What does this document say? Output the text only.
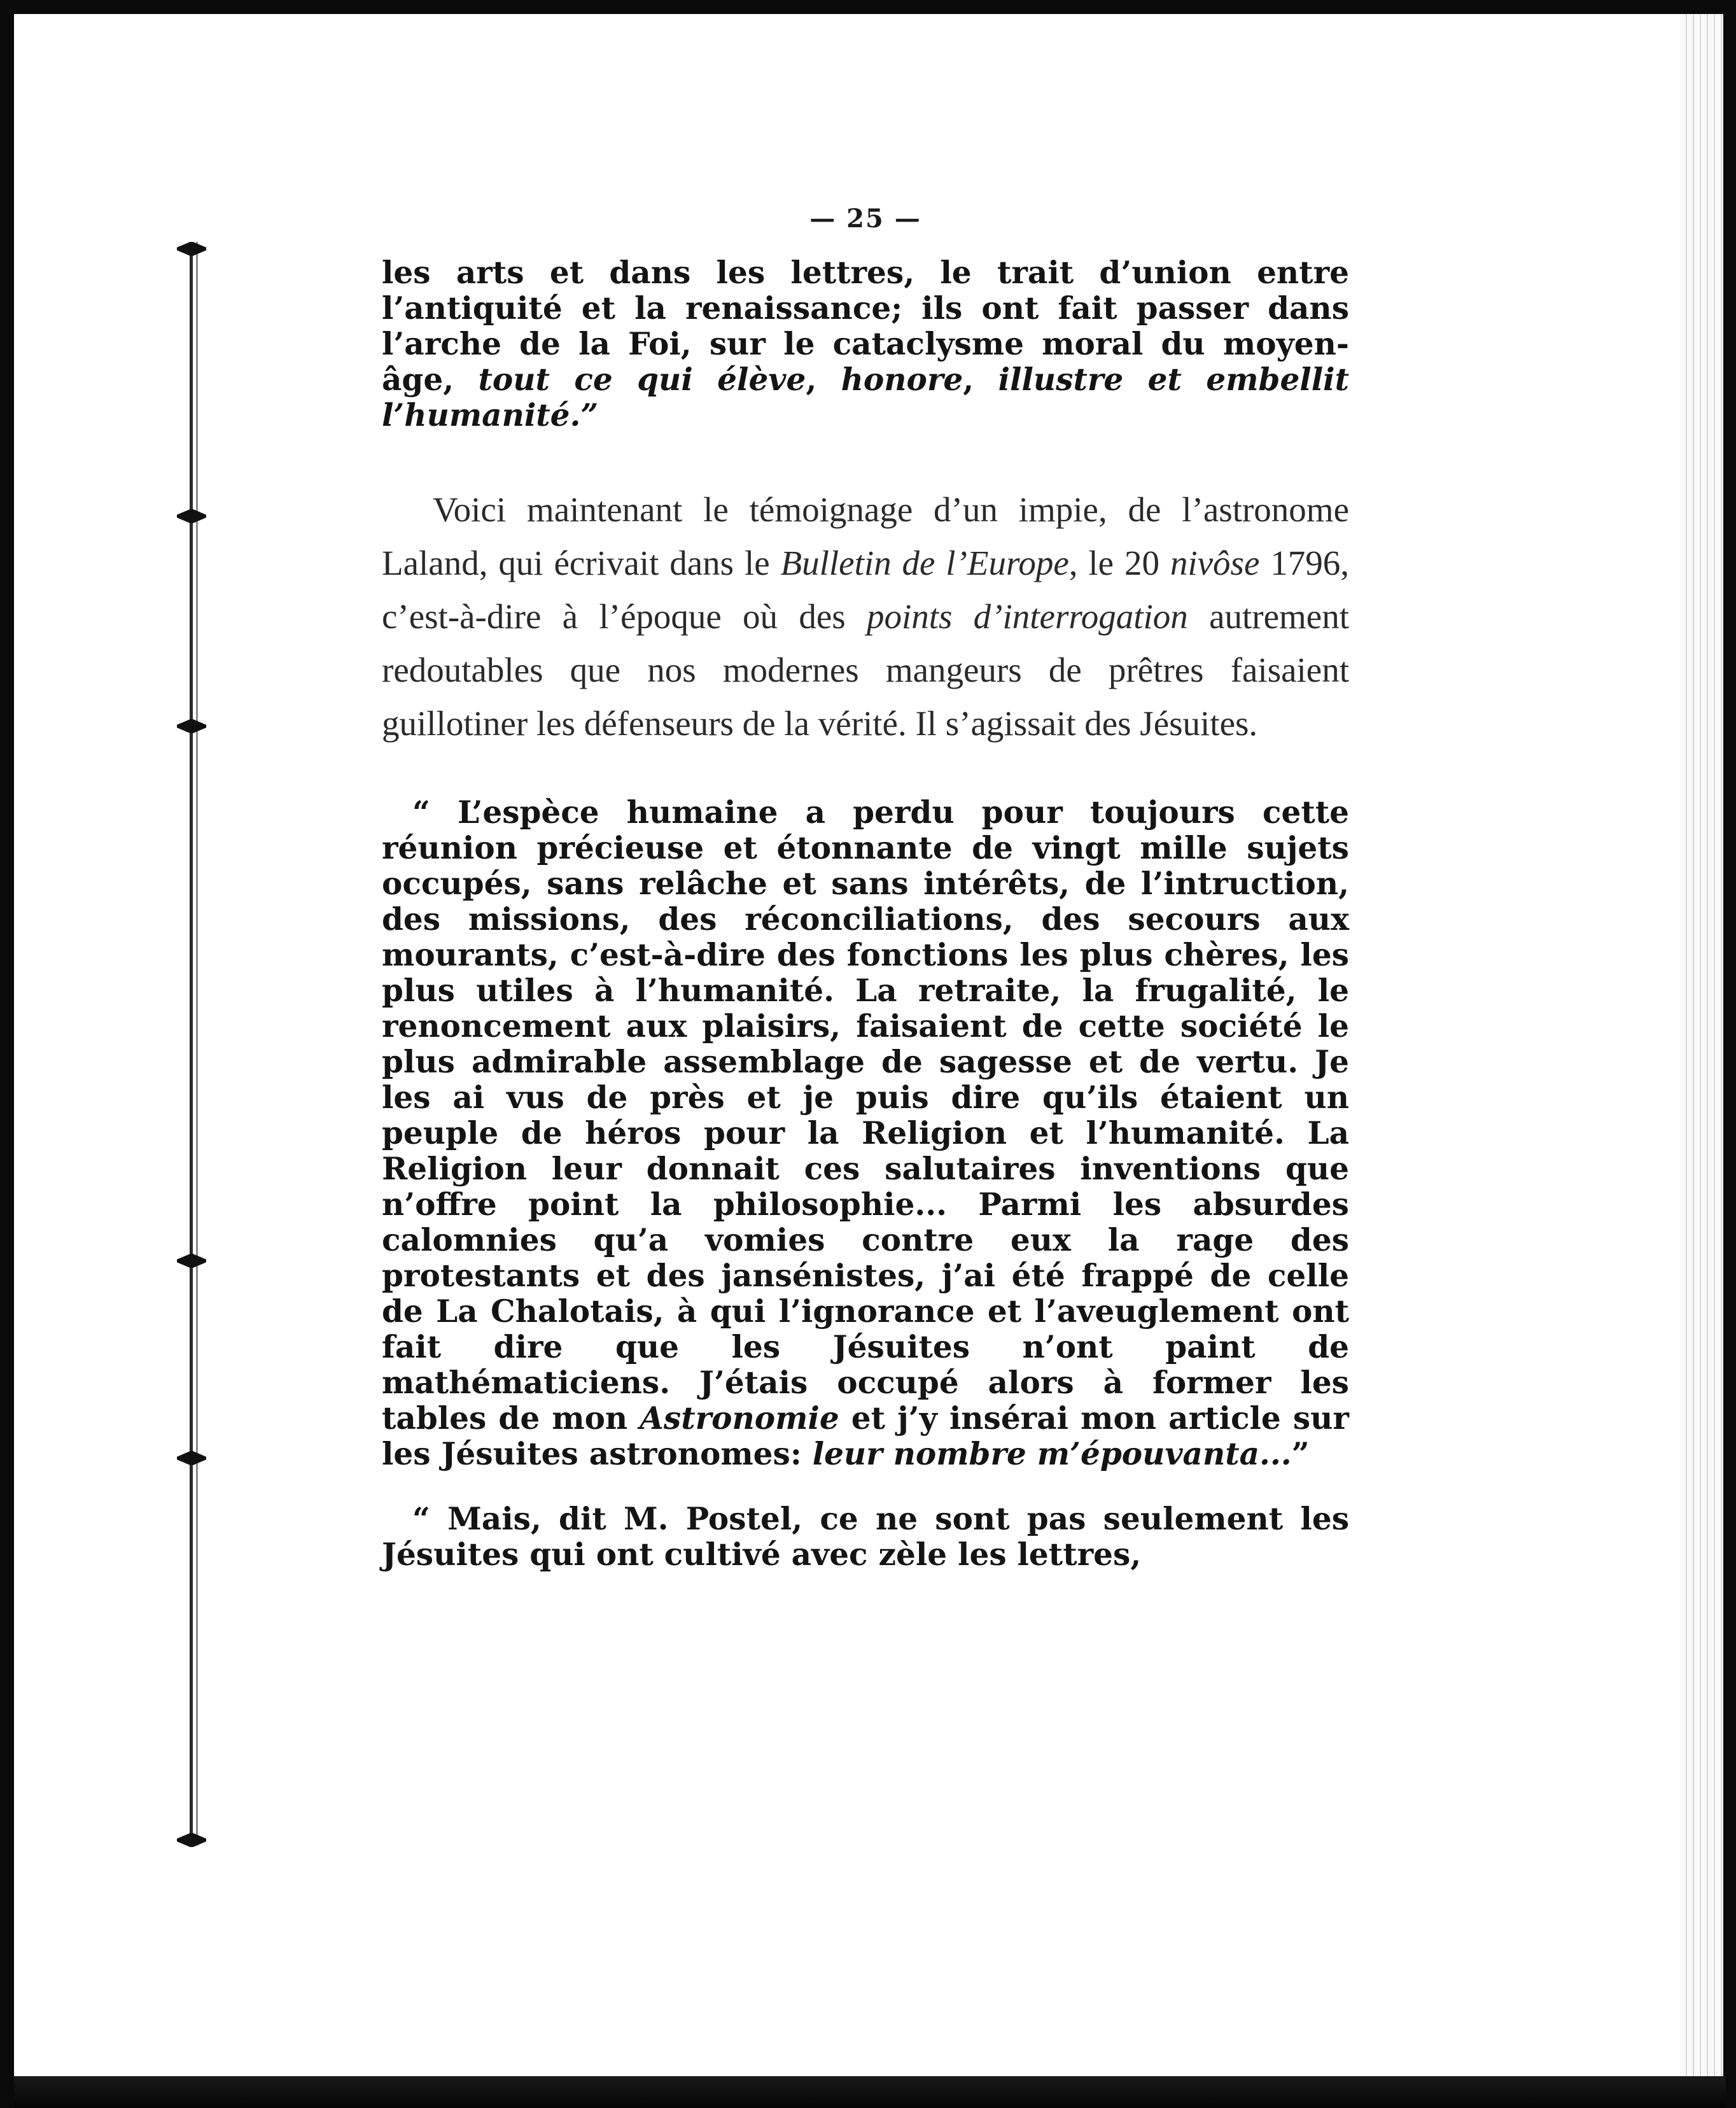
— 25 —

les arts et dans les lettres, le trait d’union entre l’antiquité et la renaissance; ils ont fait passer dans l’arche de la Foi, sur le cataclysme moral du moyen-âge, tout ce qui élève, honore, illustre et embellit l’humanité.”

Voici maintenant le témoignage d’un impie, de l’astronome Laland, qui écrivait dans le Bulletin de l’Europe, le 20 nivôse 1796, c’est-à-dire à l’époque où des points d’interrogation autrement redoutables que nos modernes mangeurs de prêtres faisaient guillotiner les défenseurs de la vérité. Il s’agissait des Jésuites.

“ L’espèce humaine a perdu pour toujours cette réunion précieuse et étonnante de vingt mille sujets occupés, sans relâche et sans intérêts, de l’intruction, des missions, des réconciliations, des secours aux mourants, c’est-à-dire des fonctions les plus chères, les plus utiles à l’humanité. La retraite, la frugalité, le renoncement aux plaisirs, faisaient de cette société le plus admirable assemblage de sagesse et de vertu. Je les ai vus de près et je puis dire qu’ils étaient un peuple de héros pour la Religion et l’humanité. La Religion leur donnait ces salutaires inventions que n’offre point la philosophie... Parmi les absurdes calomnies qu’a vomies contre eux la rage des protestants et des jansénistes, j’ai été frappé de celle de La Chalotais, à qui l’ignorance et l’aveuglement ont fait dire que les Jésuites n’ont paint de mathématiciens. J’étais occupé alors à former les tables de mon Astronomie et j’y insérai mon article sur les Jésuites astronomes: leur nombre m’épouvanta...”

“ Mais, dit M. Postel, ce ne sont pas seulement les Jésuites qui ont cultivé avec zèle les lettres,
